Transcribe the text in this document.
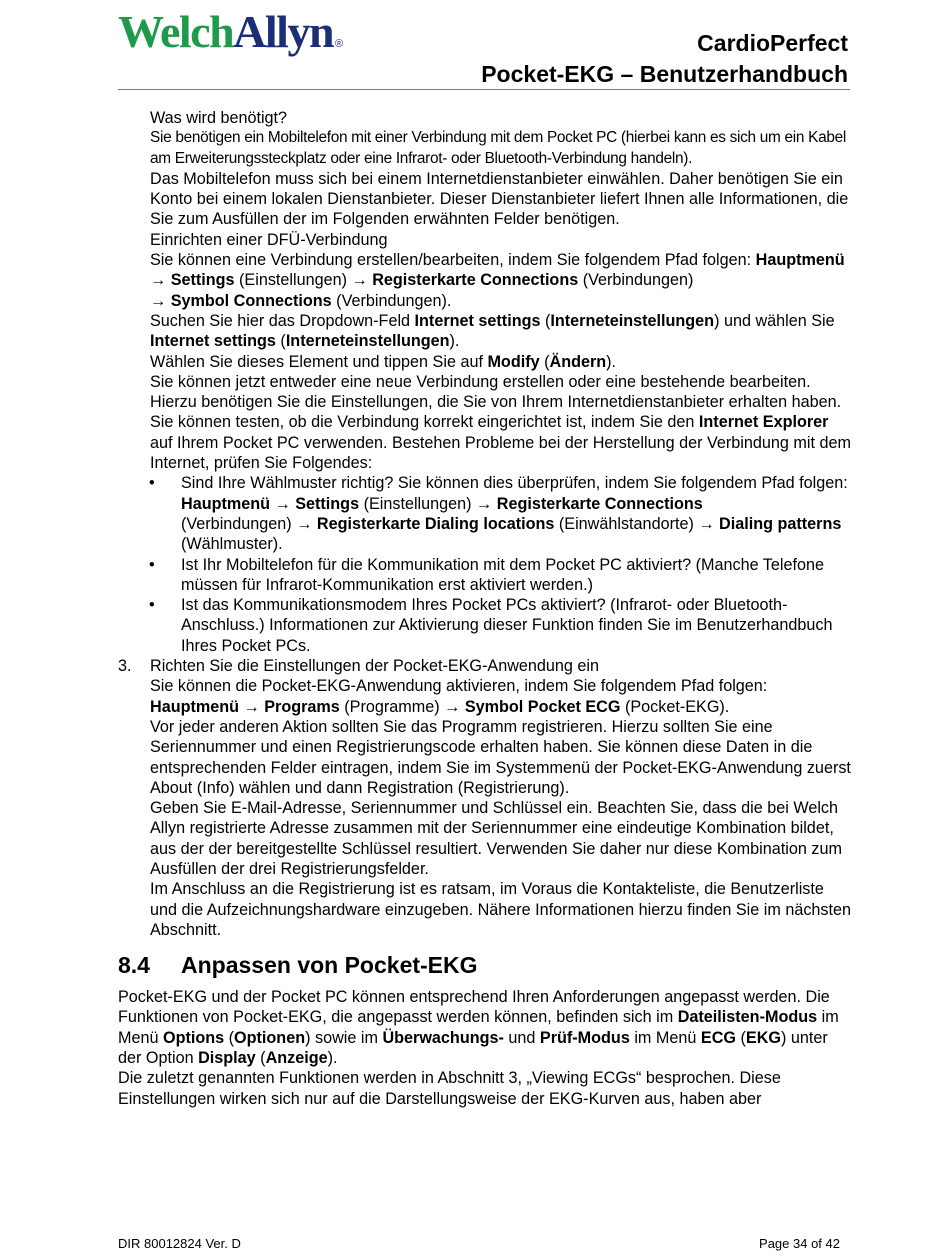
WelchAllyn ®	CardioPerfect
Pocket-EKG – Benutzerhandbuch
Was wird benötigt?
Sie benötigen ein Mobiltelefon mit einer Verbindung mit dem Pocket PC (hierbei kann es sich um ein Kabel am Erweiterungssteckplatz oder eine Infrarot- oder Bluetooth-Verbindung handeln).
Das Mobiltelefon muss sich bei einem Internetdienstanbieter einwählen. Daher benötigen Sie ein Konto bei einem lokalen Dienstanbieter. Dieser Dienstanbieter liefert Ihnen alle Informationen, die Sie zum Ausfüllen der im Folgenden erwähnten Felder benötigen.
Einrichten einer DFÜ-Verbindung
Sie können eine Verbindung erstellen/bearbeiten, indem Sie folgendem Pfad folgen: Hauptmenü → Settings (Einstellungen) → Registerkarte Connections (Verbindungen)
→ Symbol Connections (Verbindungen).
Suchen Sie hier das Dropdown-Feld Internet settings (Interneteinstellungen) und wählen Sie Internet settings (Interneteinstellungen).
Wählen Sie dieses Element und tippen Sie auf Modify (Ändern).
Sie können jetzt entweder eine neue Verbindung erstellen oder eine bestehende bearbeiten. Hierzu benötigen Sie die Einstellungen, die Sie von Ihrem Internetdienstanbieter erhalten haben.
Sie können testen, ob die Verbindung korrekt eingerichtet ist, indem Sie den Internet Explorer auf Ihrem Pocket PC verwenden. Bestehen Probleme bei der Herstellung der Verbindung mit dem Internet, prüfen Sie Folgendes:
• Sind Ihre Wählmuster richtig? Sie können dies überprüfen, indem Sie folgendem Pfad folgen: Hauptmenü → Settings (Einstellungen) → Registerkarte Connections
(Verbindungen) → Registerkarte Dialing locations (Einwählstandorte) → Dialing patterns (Wählmuster).
• Ist Ihr Mobiltelefon für die Kommunikation mit dem Pocket PC aktiviert? (Manche Telefone müssen für Infrarot-Kommunikation erst aktiviert werden.)
• Ist das Kommunikationsmodem Ihres Pocket PCs aktiviert? (Infrarot- oder Bluetooth-Anschluss.) Informationen zur Aktivierung dieser Funktion finden Sie im Benutzerhandbuch Ihres Pocket PCs.
3. Richten Sie die Einstellungen der Pocket-EKG-Anwendung ein
Sie können die Pocket-EKG-Anwendung aktivieren, indem Sie folgendem Pfad folgen:
Hauptmenü → Programs (Programme) → Symbol Pocket ECG (Pocket-EKG).
Vor jeder anderen Aktion sollten Sie das Programm registrieren. Hierzu sollten Sie eine Seriennummer und einen Registrierungscode erhalten haben. Sie können diese Daten in die entsprechenden Felder eintragen, indem Sie im Systemmenü der Pocket-EKG-Anwendung zuerst About (Info) wählen und dann Registration (Registrierung).
Geben Sie E-Mail-Adresse, Seriennummer und Schlüssel ein. Beachten Sie, dass die bei Welch Allyn registrierte Adresse zusammen mit der Seriennummer eine eindeutige Kombination bildet, aus der der bereitgestellte Schlüssel resultiert. Verwenden Sie daher nur diese Kombination zum Ausfüllen der drei Registrierungsfelder.
Im Anschluss an die Registrierung ist es ratsam, im Voraus die Kontakteliste, die Benutzerliste und die Aufzeichnungshardware einzugeben. Nähere Informationen hierzu finden Sie im nächsten Abschnitt.
8.4 Anpassen von Pocket-EKG
Pocket-EKG und der Pocket PC können entsprechend Ihren Anforderungen angepasst werden. Die Funktionen von Pocket-EKG, die angepasst werden können, befinden sich im Dateilisten-Modus im Menü Options (Optionen) sowie im Überwachungs- und Prüf-Modus im Menü ECG (EKG) unter der Option Display (Anzeige).
Die zuletzt genannten Funktionen werden in Abschnitt 3, „Viewing ECGs“ besprochen. Diese Einstellungen wirken sich nur auf die Darstellungsweise der EKG-Kurven aus, haben aber
DIR 80012824 Ver. D	Page 34 of 42
